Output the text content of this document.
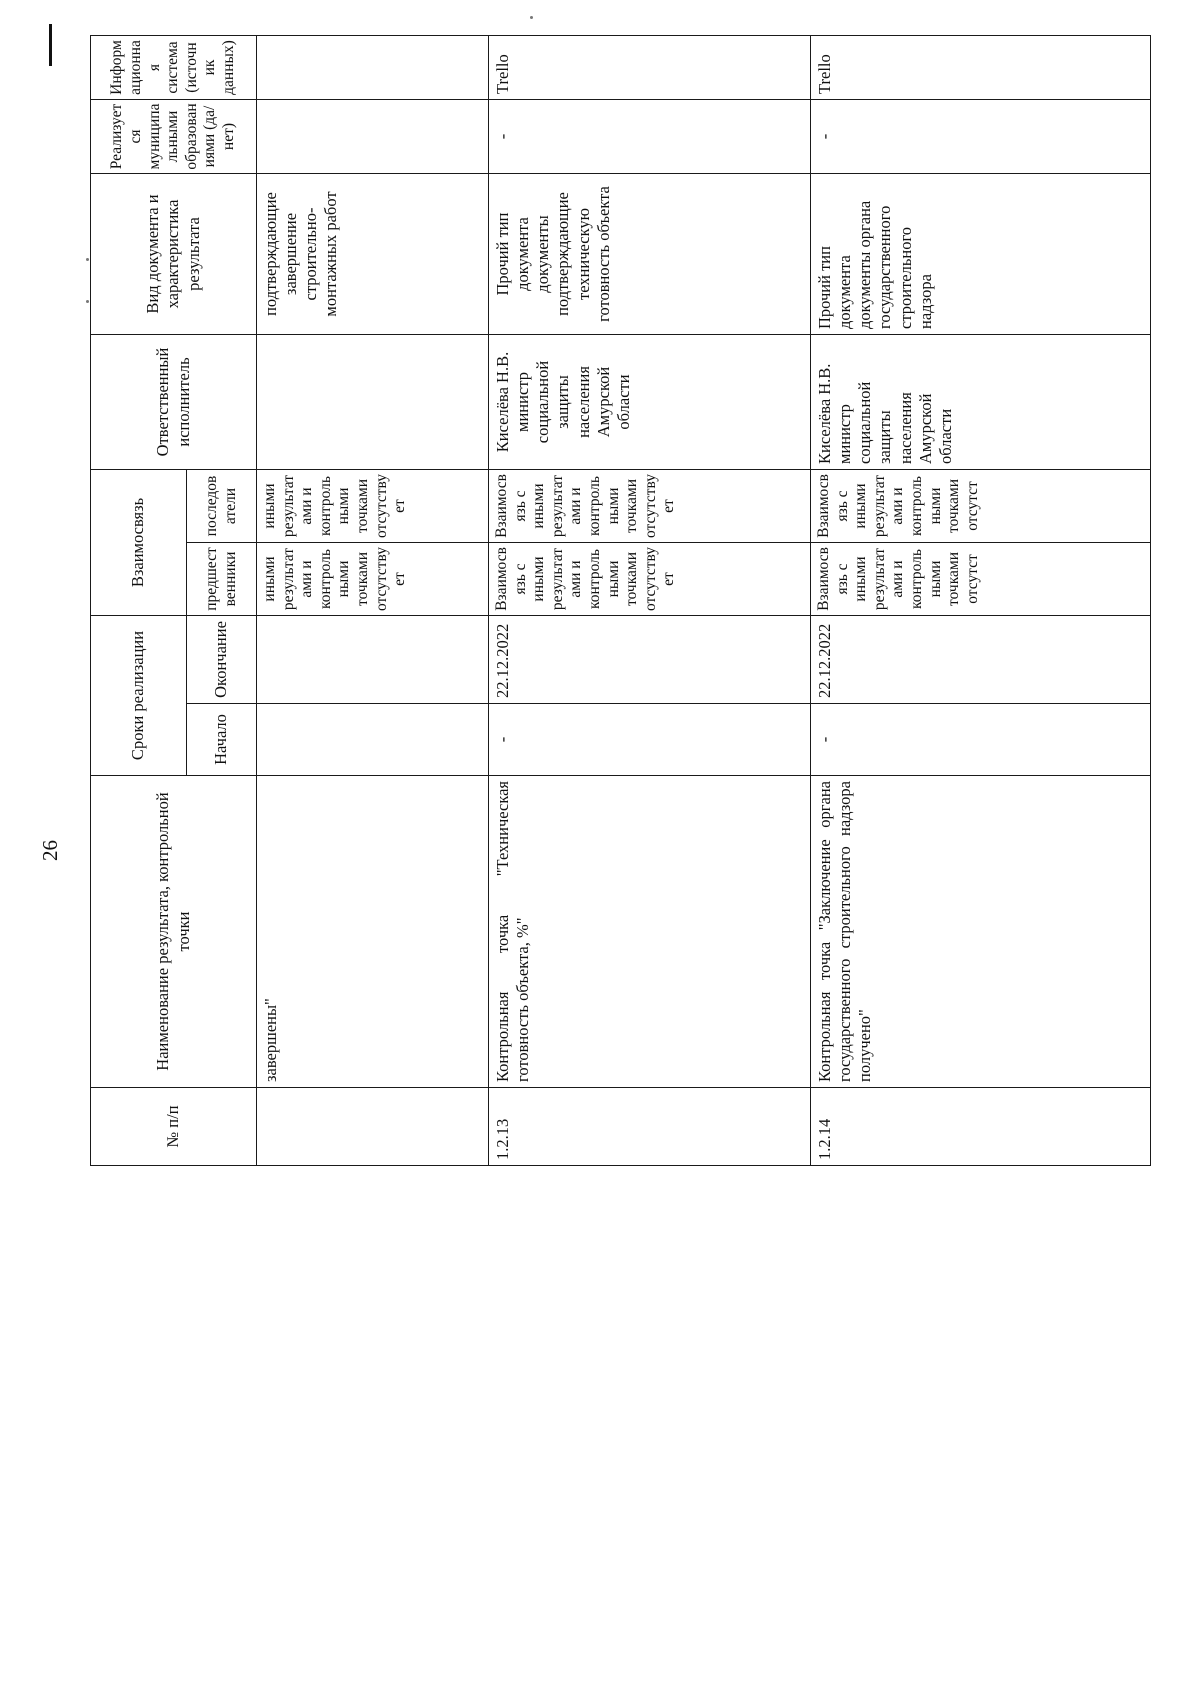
26
№ п/п	Наименование результата, контрольной точки	Сроки реализации		Взаимосвязь		Ответственный исполнитель	Вид документа и характеристика результата	Реализуется муниципальными образованиями (да/нет)	Информационная система (источник данных)
		Начало	Окончание	предшественники	последователи				
	завершены"			иными результатами и контрольными точками отсутствует	иными результатами и контрольными точками отсутствует		подтверждающие завершение строительно-монтажных работ		
1.2.13	Контрольная точка "Техническая готовность объекта, %"	-	22.12.2022	Взаимосвязь с иными результатами и контрольными точками отсутствует	Взаимосвязь с иными результатами и контрольными точками отсутствует	Киселёва Н.В. министр социальной защиты населения Амурской области	Прочий тип документа документы подтверждающие техническую готовность объекта	-	Trello
1.2.14	Контрольная точка "Заключение органа государственного строительного надзора получено"	-	22.12.2022	Взаимосвязь с иными результатами и контрольными точками отсутст	Взаимосвязь с иными результатами и контрольными точками отсутст	Киселёва Н.В. министр социальной защиты населения Амурской области	Прочий тип документа документы органа государственного строительного надзора	-	Trello
